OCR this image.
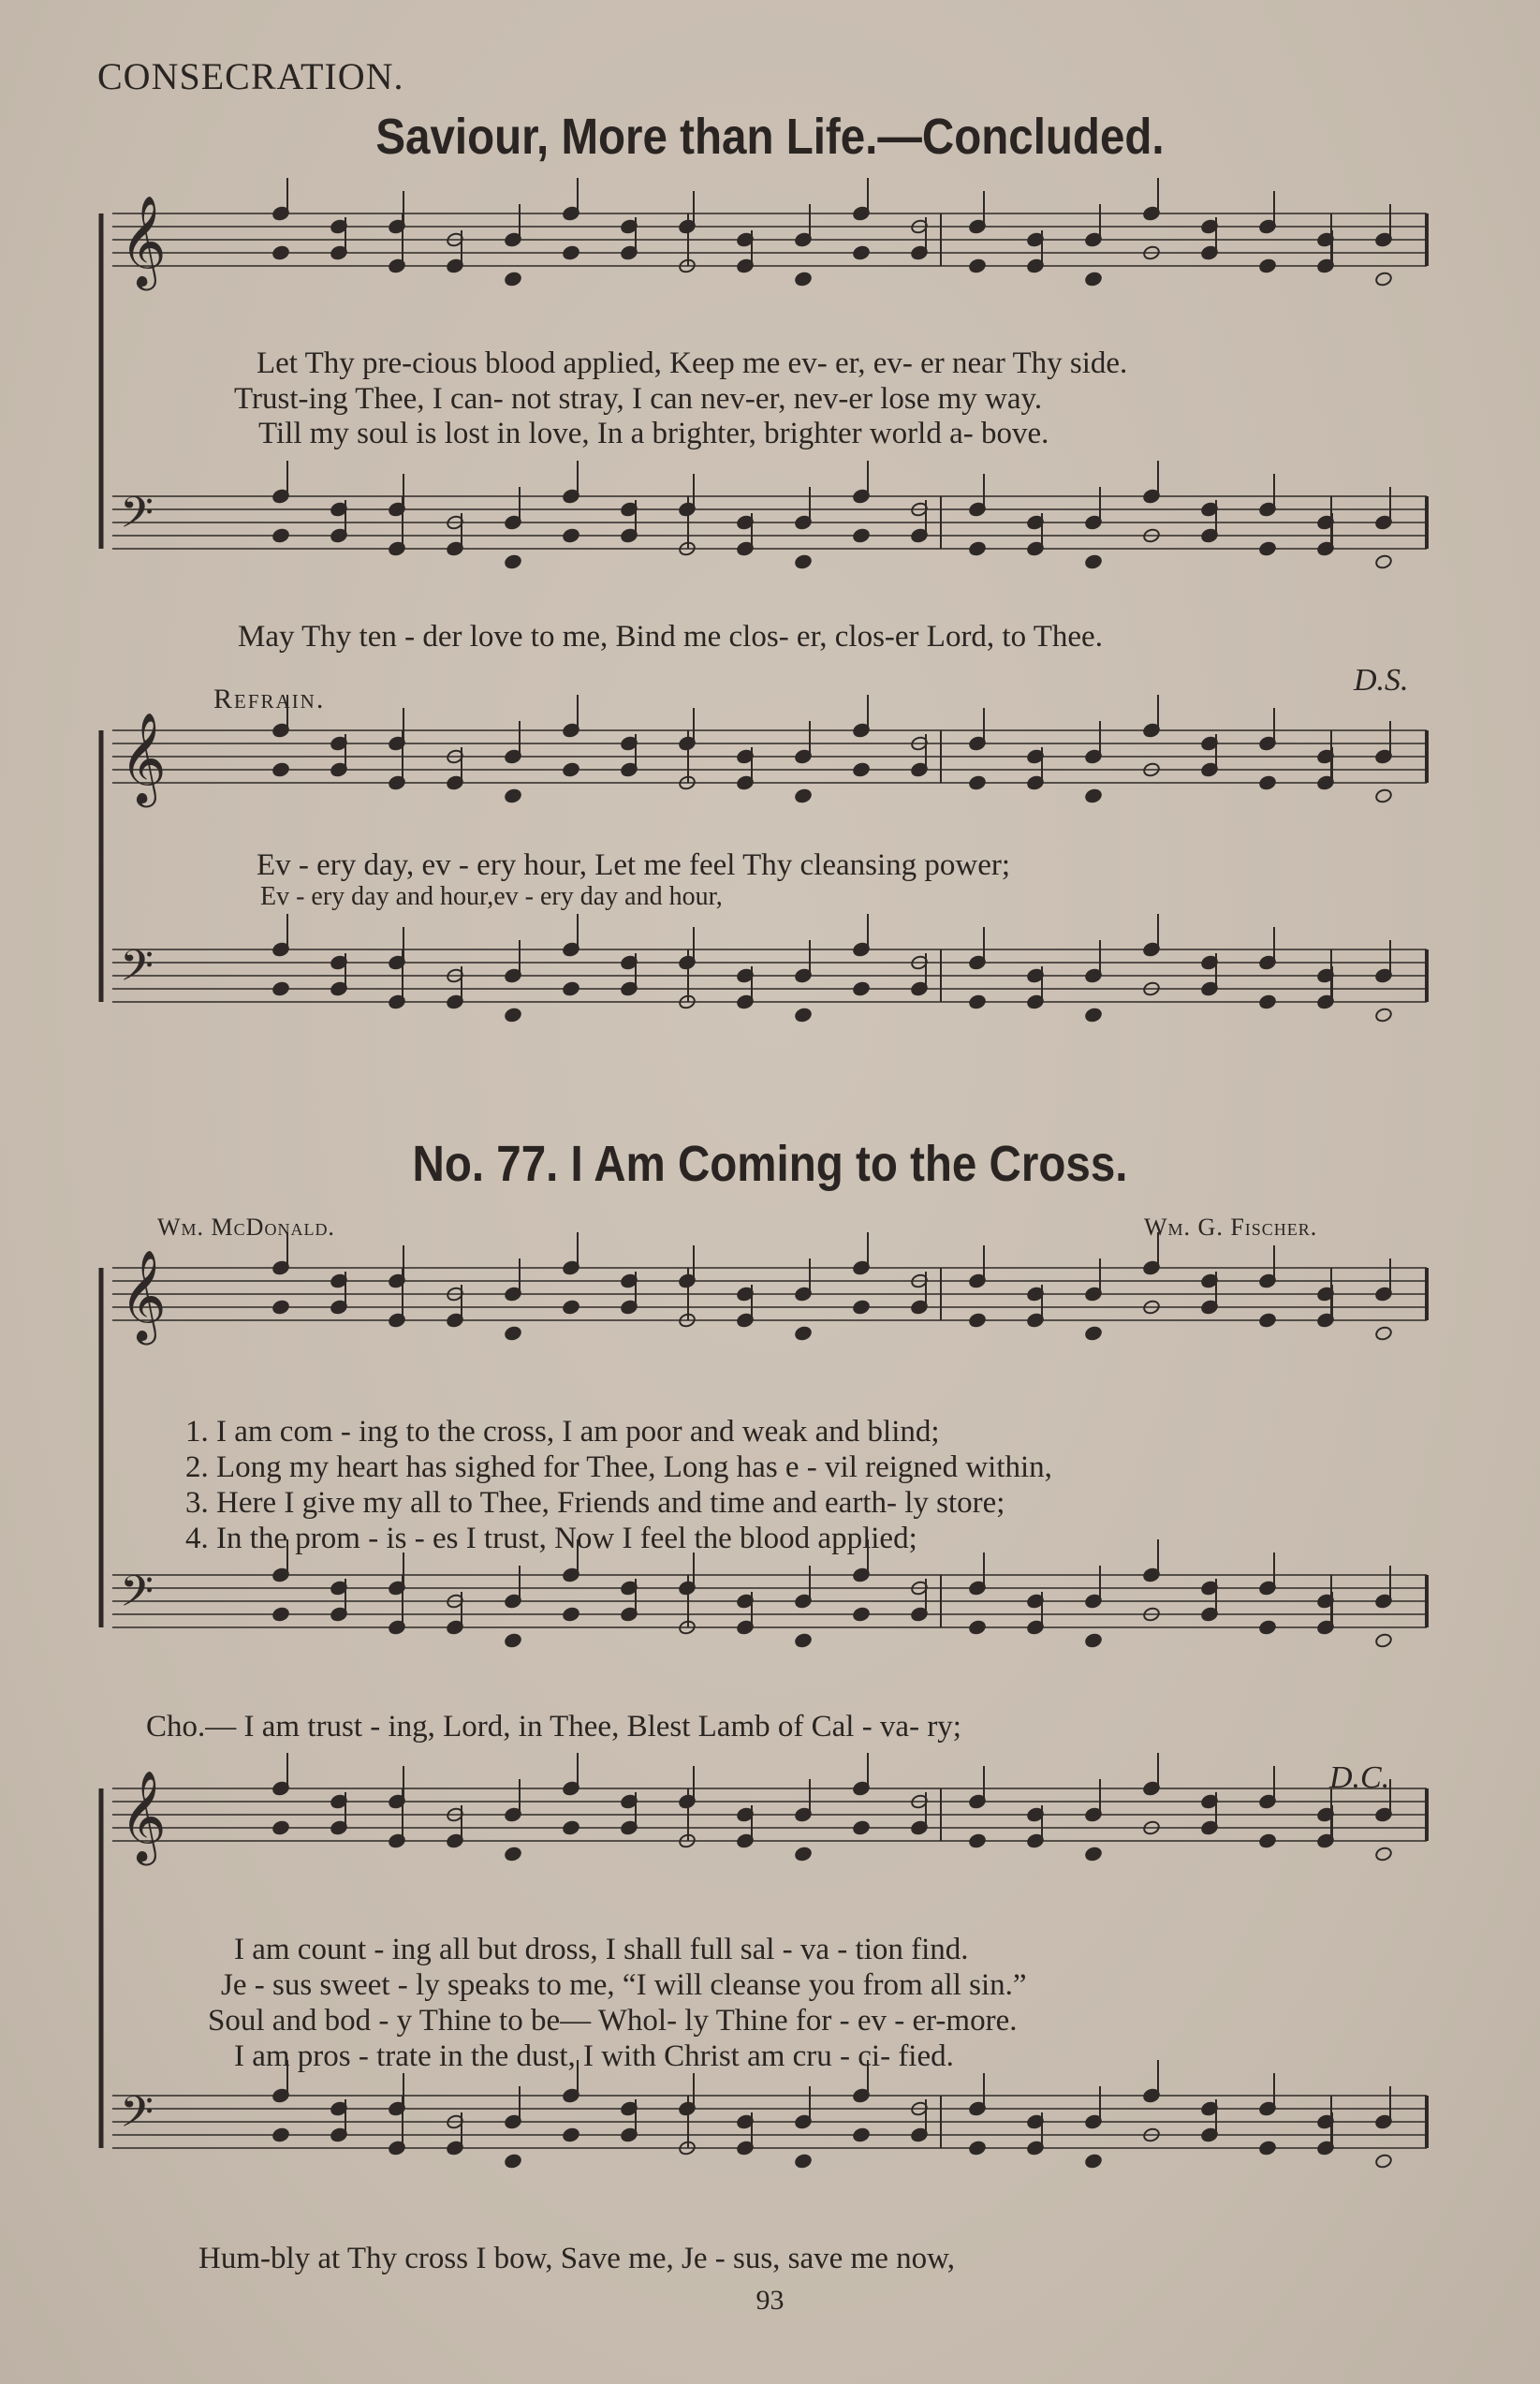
𝄞
𝄢
𝄞
𝄢
𝄞
𝄢
𝄞
𝄢
CONSECRATION.
Saviour, More than Life.—Concluded.
Let Thy pre-cious blood applied, Keep me ev- er, ev- er near Thy side.
Trust-ing Thee, I can- not stray, I can nev-er, nev-er lose my way.
Till my soul is lost in love, In a brighter, brighter world a- bove.
May Thy ten - der love to me, Bind me clos- er, clos-er Lord, to Thee.
D.S.
Refrain.
Ev - ery day, ev - ery hour, Let me feel Thy cleansing power;
Ev - ery day and hour,ev - ery day and hour,
No. 77. I Am Coming to the Cross.
Wm. McDonald.	Wm. G. Fischer.
1. I am com - ing to the cross, I am poor and weak and blind;
2. Long my heart has sighed for Thee, Long has e - vil reigned within,
3. Here I give my all to Thee, Friends and time and earth- ly store;
4. In the prom - is - es I trust, Now I feel the blood applied;
Cho.— I am trust - ing, Lord, in Thee, Blest Lamb of Cal - va- ry;
D.C.
I am count - ing all but dross, I shall full sal - va - tion find.
Je - sus sweet - ly speaks to me, “I will cleanse you from all sin.”
Soul and bod - y Thine to be— Whol- ly Thine for - ev - er-more.
I am pros - trate in the dust, I with Christ am cru - ci- fied.
Hum-bly at Thy cross I bow, Save me, Je - sus, save me now,
93
